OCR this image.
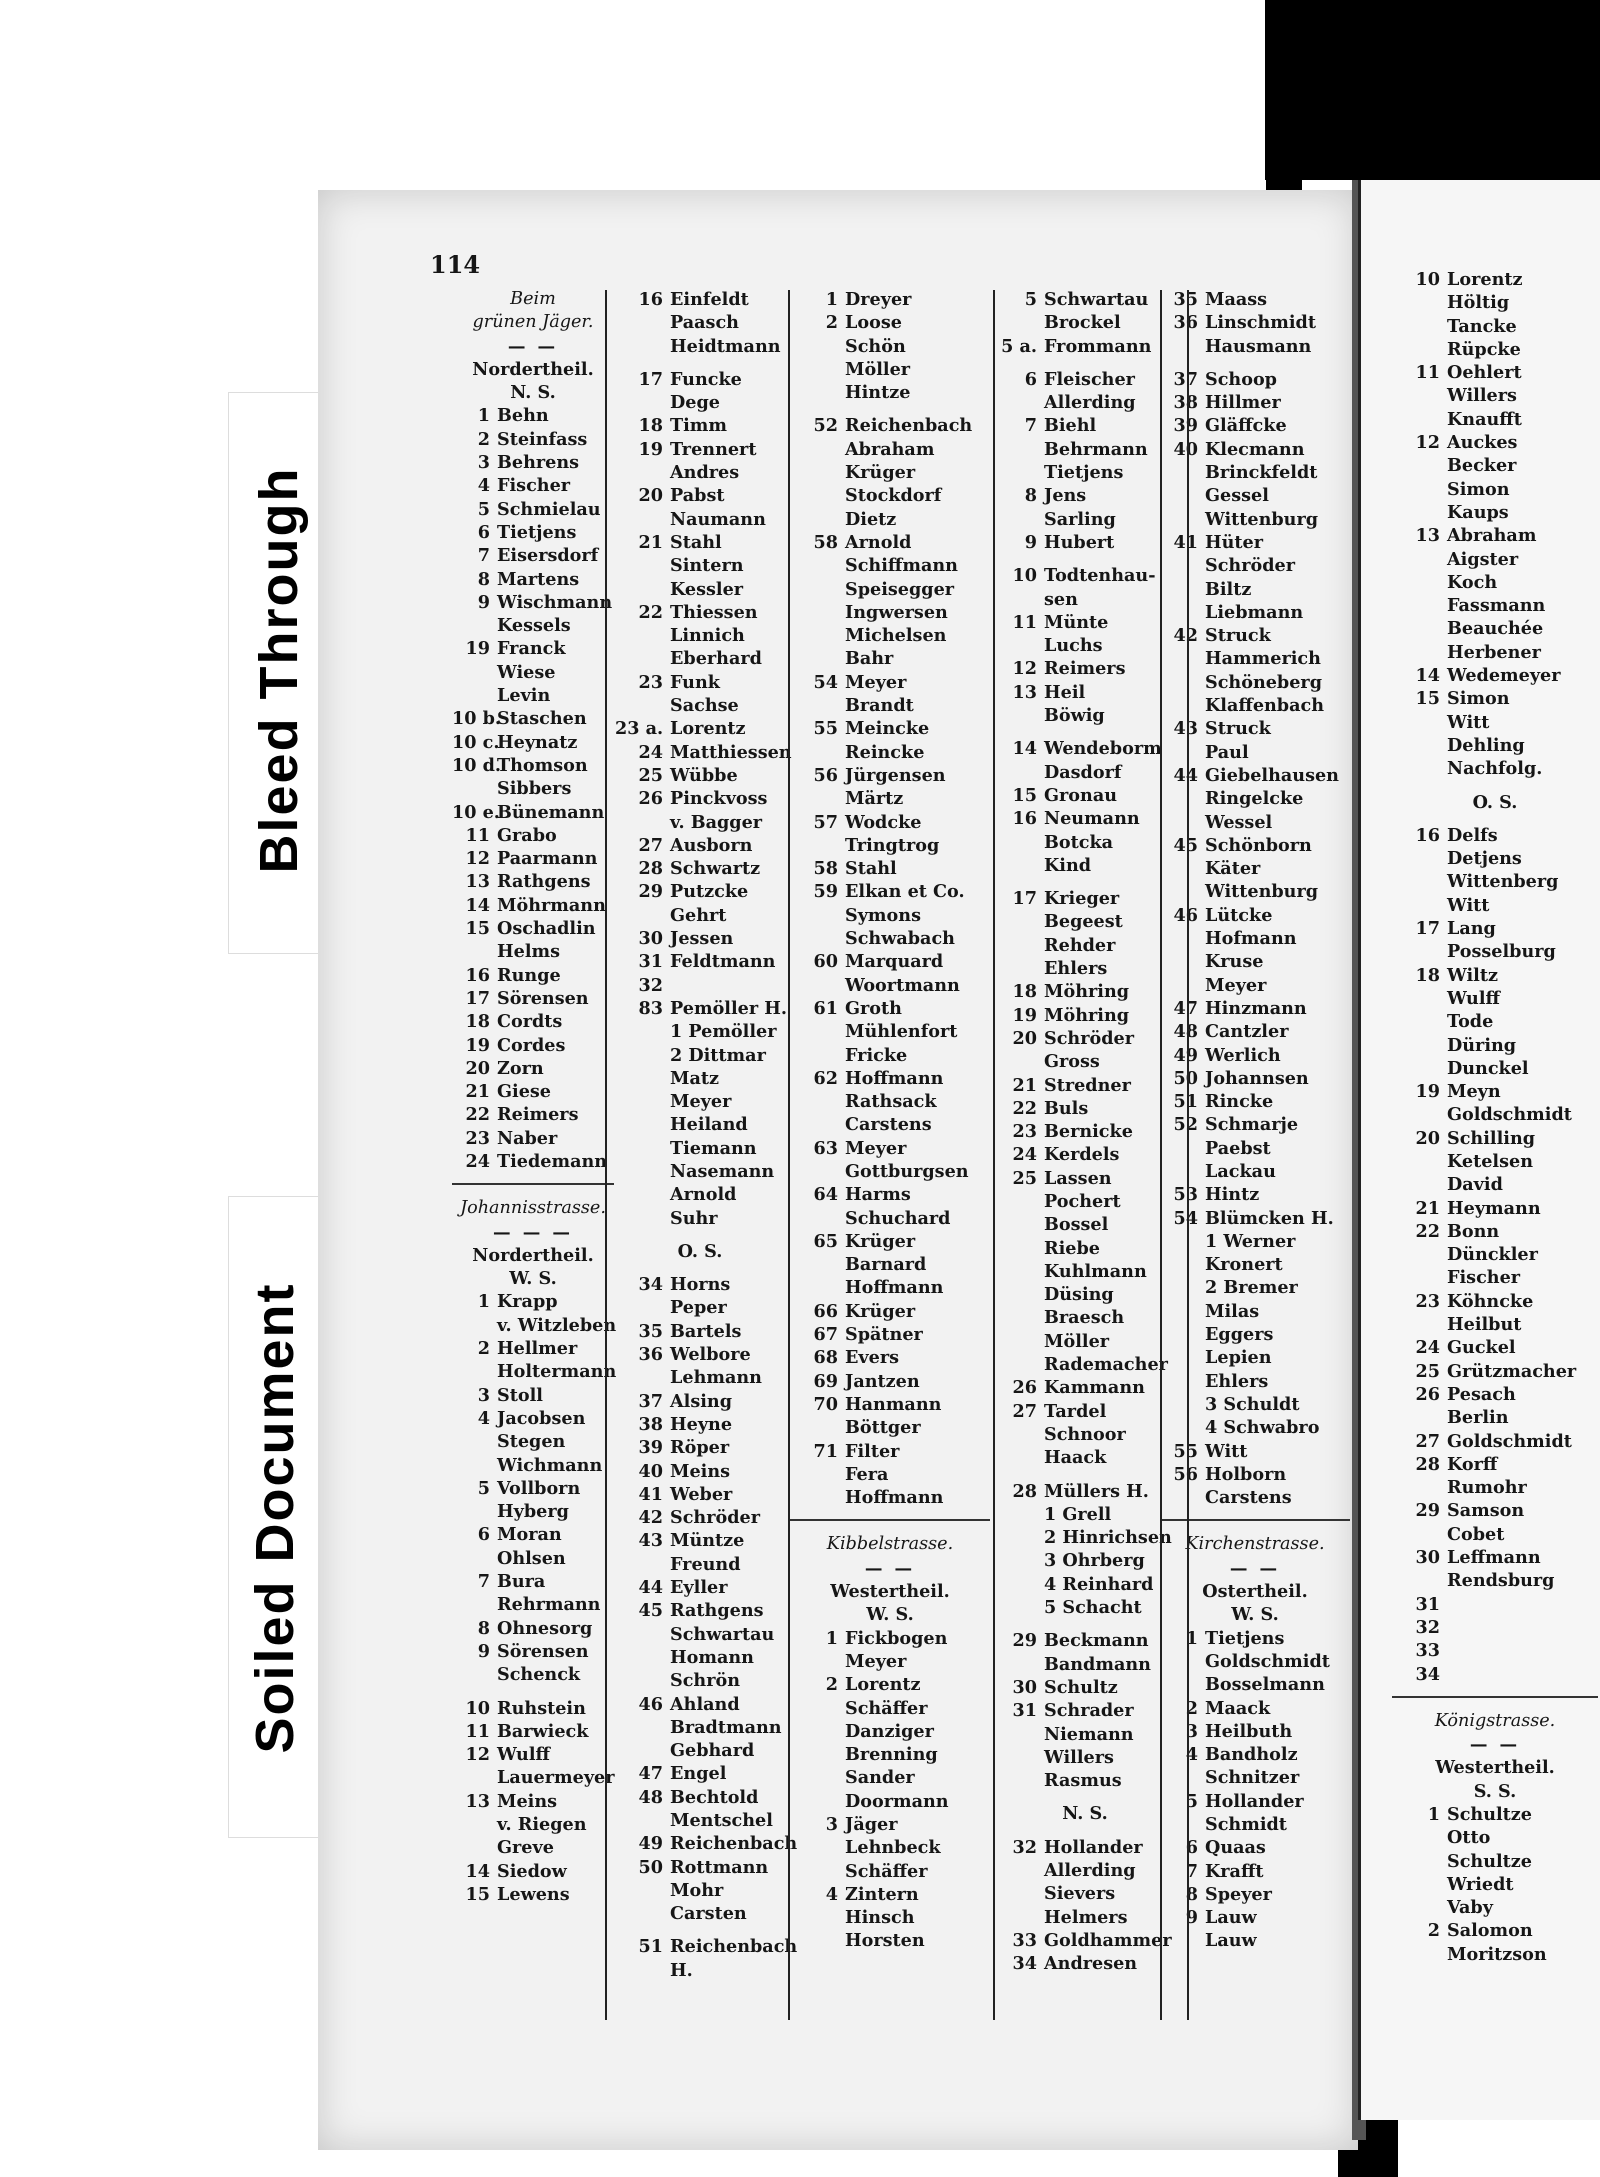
Bleed Through
Soiled Document
114
Beim
grünen Jäger.
— —
Nordertheil.
N. S.
1 Behn
2 Steinfass
3 Behrens
4 Fischer
5 Schmielau
6 Tietjens
7 Eisersdorf
8 Martens
9 Wischmann
Kessels
19 Franck
Wiese
Levin
10 b.
Staschen
10 c.
Heynatz
10 d.
Thomson
Sibbers
10 e.
Bünemann
11 Grabo
12 Paarmann
13 Rathgens
14 Möhrmann
15 Oschadlin
Helms
16 Runge
17 Sörensen
18 Cordts
19 Cordes
20 Zorn
21 Giese
22 Reimers
23 Naber
24 Tiedemann
Johannisstrasse.
— — —
Nordertheil.
W. S.
1 Krapp
v. Witzleben
2 Hellmer
Holtermann
3 Stoll
4 Jacobsen
Stegen
Wichmann
5 Vollborn
Hyberg
6 Moran
Ohlsen
7 Bura
Rehrmann
8 Ohnesorg
9 Sörensen
Schenck
10 Ruhstein
11 Barwieck
12 Wulff
Lauermeyer
13 Meins
v. Riegen
Greve
14 Siedow
15 Lewens
16 Einfeldt
Paasch
Heidtmann
17 Funcke
Dege
18 Timm
19 Trennert
Andres
20 Pabst
Naumann
21 Stahl
Sintern
Kessler
22 Thiessen
Linnich
Eberhard
23 Funk
Sachse
23 a. Lorentz
24 Matthiessen
25 Wübbe
26 Pinckvoss
v. Bagger
27 Ausborn
28 Schwartz
29 Putzcke
Gehrt
30 Jessen
31 Feldtmann
32
83 Pemöller H.
1 Pemöller
2 Dittmar
Matz
Meyer
Heiland
Tiemann
Nasemann
Arnold
Suhr
O. S.
34 Horns
Peper
35 Bartels
36 Welbore
Lehmann
37 Alsing
38 Heyne
39 Röper
40 Meins
41 Weber
42 Schröder
43 Müntze
Freund
44 Eyller
45 Rathgens
Schwartau
Homann
Schrön
46 Ahland
Bradtmann
Gebhard
47 Engel
48 Bechtold
Mentschel
49 Reichenbach
50 Rottmann
Mohr
Carsten
51 Reichenbach
H.
1 Dreyer
2 Loose
Schön
Möller
Hintze
52 Reichenbach
Abraham
Krüger
Stockdorf
Dietz
58 Arnold
Schiffmann
Speisegger
Ingwersen
Michelsen
Bahr
54 Meyer
Brandt
55 Meincke
Reincke
56 Jürgensen
Märtz
57 Wodcke
Tringtrog
58 Stahl
59 Elkan et Co.
Symons
Schwabach
60 Marquard
Woortmann
61 Groth
Mühlenfort
Fricke
62 Hoffmann
Rathsack
Carstens
63 Meyer
Gottburgsen
64 Harms
Schuchard
65 Krüger
Barnard
Hoffmann
66 Krüger
67 Spätner
68 Evers
69 Jantzen
70 Hanmann
Böttger
71 Filter
Fera
Hoffmann
Kibbelstrasse.
— —
Westertheil.
W. S.
1 Fickbogen
Meyer
2 Lorentz
Schäffer
Danziger
Brenning
Sander
Doormann
3 Jäger
Lehnbeck
Schäffer
4 Zintern
Hinsch
Horsten
5 Schwartau
Brockel
5 a. Frommann
6 Fleischer
Allerding
7 Biehl
Behrmann
Tietjens
8 Jens
Sarling
9 Hubert
10 Todtenhau-
sen
11 Münte
Luchs
12 Reimers
13 Heil
Böwig
14 Wendeborm
Dasdorf
15 Gronau
16 Neumann
Botcka
Kind
17 Krieger
Begeest
Rehder
Ehlers
18 Möhring
19 Möhring
20 Schröder
Gross
21 Stredner
22 Buls
23 Bernicke
24 Kerdels
25 Lassen
Pochert
Bossel
Riebe
Kuhlmann
Düsing
Braesch
Möller
Rademacher
26 Kammann
27 Tardel
Schnoor
Haack
28 Müllers H.
1 Grell
2 Hinrichsen
3 Ohrberg
4 Reinhard
5 Schacht
29 Beckmann
Bandmann
30 Schultz
31 Schrader
Niemann
Willers
Rasmus
N. S.
32 Hollander
Allerding
Sievers
Helmers
33 Goldhammer
34 Andresen
35 Maass
36 Linschmidt
Hausmann
37 Schoop
38 Hillmer
39 Gläffcke
40 Klecmann
Brinckfeldt
Gessel
Wittenburg
41 Hüter
Schröder
Biltz
Liebmann
42 Struck
Hammerich
Schöneberg
Klaffenbach
43 Struck
Paul
44 Giebelhausen
Ringelcke
Wessel
45 Schönborn
Käter
Wittenburg
46 Lütcke
Hofmann
Kruse
Meyer
47 Hinzmann
48 Cantzler
49 Werlich
50 Johannsen
51 Rincke
52 Schmarje
Paebst
Lackau
53 Hintz
54 Blümcken H.
1 Werner
Kronert
2 Bremer
Milas
Eggers
Lepien
Ehlers
3 Schuldt
4 Schwabro
55 Witt
56 Holborn
Carstens
Kirchenstrasse.
— —
Ostertheil.
W. S.
1 Tietjens
Goldschmidt
Bosselmann
2 Maack
3 Heilbuth
4 Bandholz
Schnitzer
5 Hollander
Schmidt
6 Quaas
7 Krafft
8 Speyer
9 Lauw
Lauw
10 Lorentz
Höltig
Tancke
Rüpcke
11 Oehlert
Willers
Knaufft
12 Auckes
Becker
Simon
Kaups
13 Abraham
Aigster
Koch
Fassmann
Beauchée
Herbener
14 Wedemeyer
15 Simon
Witt
Dehling
Nachfolg.
O. S.
16 Delfs
Detjens
Wittenberg
Witt
17 Lang
Posselburg
18 Wiltz
Wulff
Tode
Düring
Dunckel
19 Meyn
Goldschmidt
20 Schilling
Ketelsen
David
21 Heymann
22 Bonn
Dünckler
Fischer
23 Köhncke
Heilbut
24 Guckel
25 Grützmacher
26 Pesach
Berlin
27 Goldschmidt
28 Korff
Rumohr
29 Samson
Cobet
30 Leffmann
Rendsburg
31
32
33
34
Königstrasse.
— —
Westertheil.
S. S.
1 Schultze
Otto
Schultze
Wriedt
Vaby
2 Salomon
Moritzson
